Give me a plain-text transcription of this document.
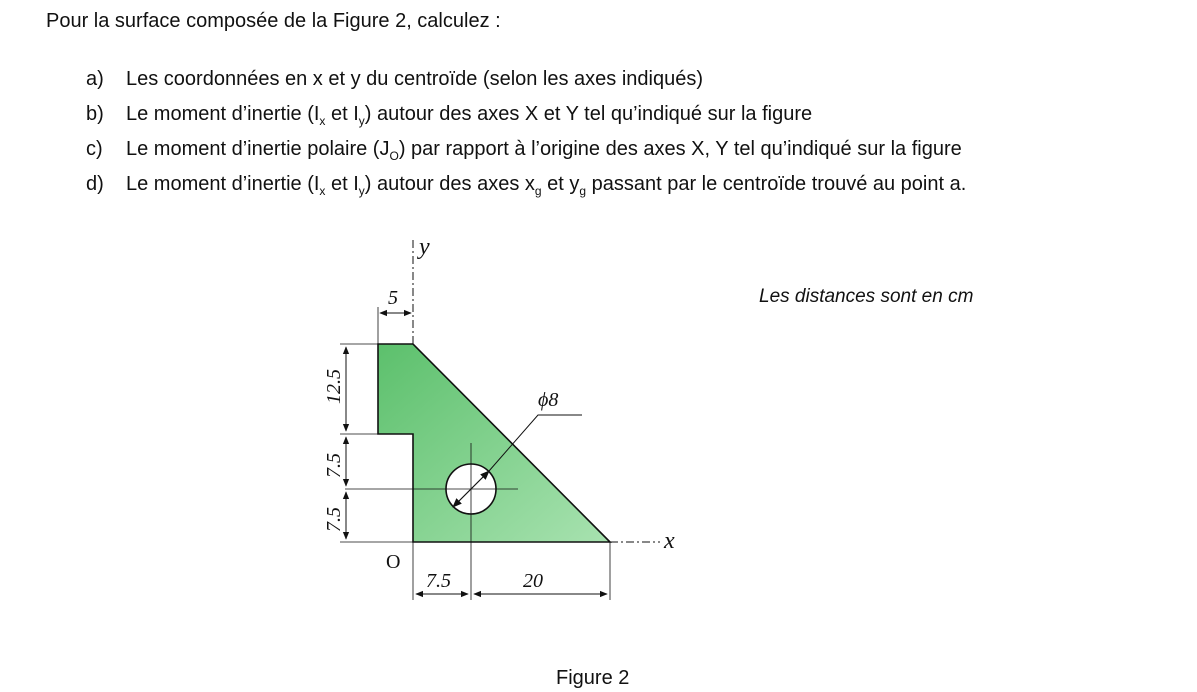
Pour la surface composée de la Figure 2, calculez :
a)	Les coordonnées en x et y du centroïde (selon les axes indiqués)
b)	Le moment d’inertie ($I_x$ et $I_y$) autour des axes X et Y tel qu’indiqué sur la figure
c)	Le moment d’inertie polaire $(J_O)$ par rapport à l’origine des axes X, Y tel qu’indiqué sur la figure
d)	Le moment d’inertie ($I_x$ et $I_y$) autour des axes $x_g$ et $y_g$ passant par le centroïde trouvé au point a.
Les distances sont en cm
y
x
O
ϕ8
5
12.5
7.5
7.5
7.5	20
Figure 2
